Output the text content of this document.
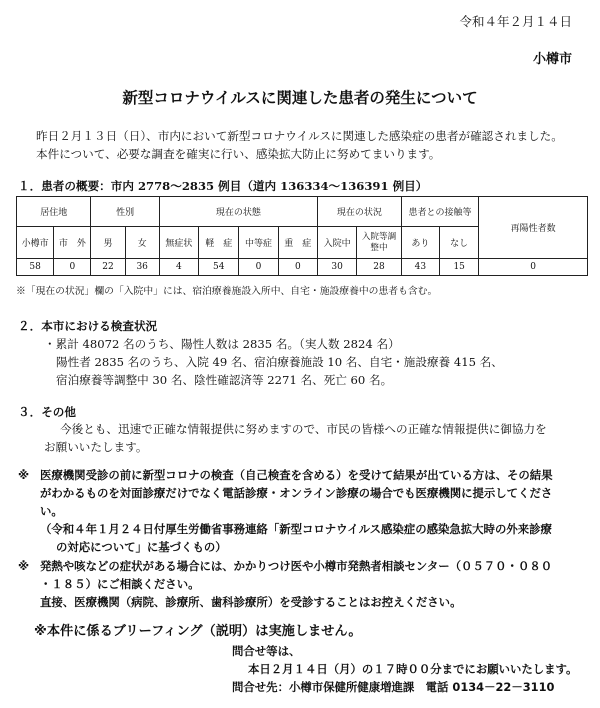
令和４年２月１４日
小樽市
新型コロナウイルスに関連した患者の発生について
昨日２月１３日（日）、市内において新型コロナウイルスに関連した感染症の患者が確認されました。
本件について、必要な調査を確実に行い、感染拡大防止に努めてまいります。
１．患者の概要：市内 2778～2835 例目（道内 136334～136391 例目）
居住地		性別		現在の状態				現在の状況		患者との接触等		再陽性者数
小樽市	市　外	男	女	無症状	軽　症	中等症	重　症	入院中	入院等調整中	あり	なし	
58	0	22	36	4	54	0	0	30	28	43	15	0
※「現在の状況」欄の「入院中」には、宿泊療養施設入所中、自宅・施設療養中の患者も含む。
２．本市における検査状況
・累計 48072 名のうち、陽性人数は 2835 名。（実人数 2824 名）
陽性者 2835 名のうち、入院 49 名、宿泊療養施設 10 名、自宅・施設療養 415 名、
宿泊療養等調整中 30 名、陰性確認済等 2271 名、死亡 60 名。
３．その他
今後とも、迅速で正確な情報提供に努めますので、市民の皆様への正確な情報提供に御協力を
お願いいたします。
※ 医療機関受診の前に新型コロナの検査（自己検査を含める）を受けて結果が出ている方は、その結果
がわかるものを対面診療だけでなく電話診療・オンライン診療の場合でも医療機関に提示してくださ
い。
（令和４年１月２４日付厚生労働省事務連絡「新型コロナウイルス感染症の感染急拡大時の外来診療
の対応について」に基づくもの）
※ 発熱や咳などの症状がある場合には、かかりつけ医や小樽市発熱者相談センター（０５７０・０８０
・１８５）にご相談ください。
直接、医療機関（病院、診療所、歯科診療所）を受診することはお控えください。
※本件に係るブリーフィング（説明）は実施しません。
問合せ等は、
本日２月１４日（月）の１７時００分までにお願いいたします。
問合せ先：小樽市保健所健康増進課　電話 0134－22－3110
